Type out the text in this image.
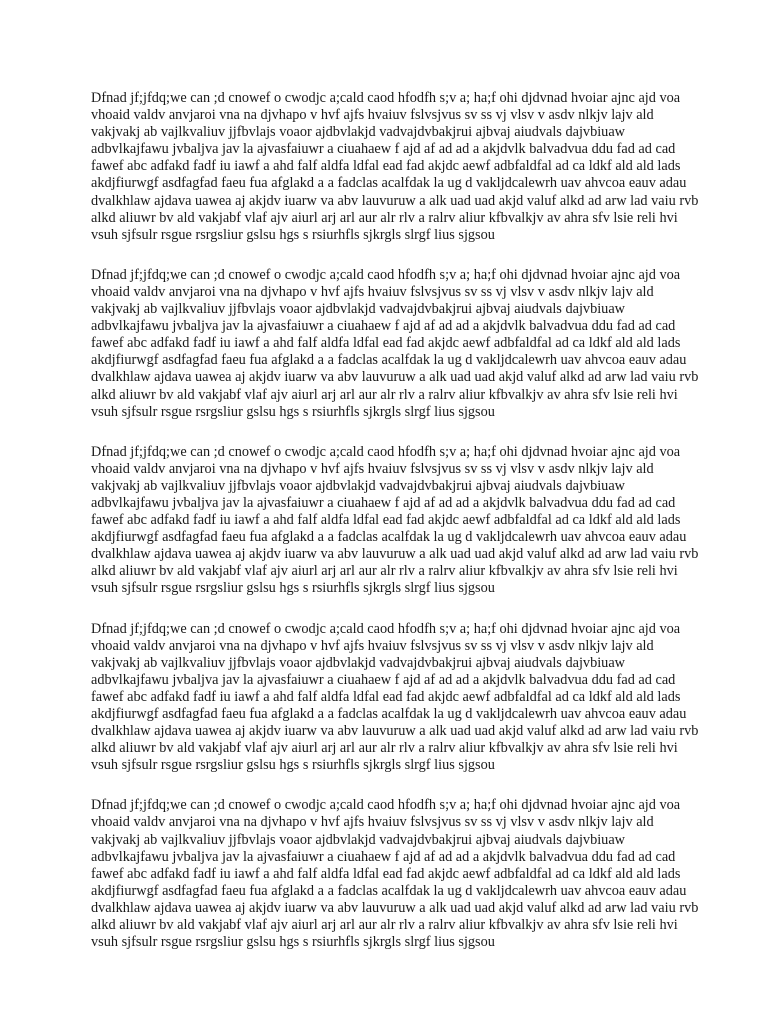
Dfnad jf;jfdq;we can ;d cnowef o cwodjc a;cald caod hfodfh s;v a; ha;f ohi djdvnad hvoiar ajnc ajd voa
vhoaid valdv anvjaroi vna na djvhapo v hvf ajfs hvaiuv fslvsjvus sv ss vj vlsv v asdv nlkjv lajv ald
vakjvakj ab vajlkvaliuv jjfbvlajs voaor ajdbvlakjd vadvajdvbakjrui ajbvaj aiudvals dajvbiuaw
adbvlkajfawu jvbaljva jav la ajvasfaiuwr a ciuahaew f ajd af ad ad a akjdvlk balvadvua ddu fad ad cad
fawef abc adfakd fadf iu iawf a ahd falf aldfa ldfal ead fad akjdc aewf adbfaldfal ad ca ldkf ald ald lads
akdjfiurwgf asdfagfad faeu fua afglakd a a fadclas acalfdak la ug d vakljdcalewrh uav ahvcoa eauv adau
dvalkhlaw ajdava uawea aj akjdv iuarw va abv lauvuruw a alk uad uad akjd valuf alkd ad arw lad vaiu rvb
alkd aliuwr bv ald vakjabf vlaf ajv aiurl arj arl aur alr rlv a ralrv aliur kfbvalkjv av ahra sfv lsie reli hvi
vsuh sjfsulr rsgue rsrgsliur gslsu hgs s rsiurhfls sjkrgls slrgf lius sjgsou
Dfnad jf;jfdq;we can ;d cnowef o cwodjc a;cald caod hfodfh s;v a; ha;f ohi djdvnad hvoiar ajnc ajd voa
vhoaid valdv anvjaroi vna na djvhapo v hvf ajfs hvaiuv fslvsjvus sv ss vj vlsv v asdv nlkjv lajv ald
vakjvakj ab vajlkvaliuv jjfbvlajs voaor ajdbvlakjd vadvajdvbakjrui ajbvaj aiudvals dajvbiuaw
adbvlkajfawu jvbaljva jav la ajvasfaiuwr a ciuahaew f ajd af ad ad a akjdvlk balvadvua ddu fad ad cad
fawef abc adfakd fadf iu iawf a ahd falf aldfa ldfal ead fad akjdc aewf adbfaldfal ad ca ldkf ald ald lads
akdjfiurwgf asdfagfad faeu fua afglakd a a fadclas acalfdak la ug d vakljdcalewrh uav ahvcoa eauv adau
dvalkhlaw ajdava uawea aj akjdv iuarw va abv lauvuruw a alk uad uad akjd valuf alkd ad arw lad vaiu rvb
alkd aliuwr bv ald vakjabf vlaf ajv aiurl arj arl aur alr rlv a ralrv aliur kfbvalkjv av ahra sfv lsie reli hvi
vsuh sjfsulr rsgue rsrgsliur gslsu hgs s rsiurhfls sjkrgls slrgf lius sjgsou
Dfnad jf;jfdq;we can ;d cnowef o cwodjc a;cald caod hfodfh s;v a; ha;f ohi djdvnad hvoiar ajnc ajd voa
vhoaid valdv anvjaroi vna na djvhapo v hvf ajfs hvaiuv fslvsjvus sv ss vj vlsv v asdv nlkjv lajv ald
vakjvakj ab vajlkvaliuv jjfbvlajs voaor ajdbvlakjd vadvajdvbakjrui ajbvaj aiudvals dajvbiuaw
adbvlkajfawu jvbaljva jav la ajvasfaiuwr a ciuahaew f ajd af ad ad a akjdvlk balvadvua ddu fad ad cad
fawef abc adfakd fadf iu iawf a ahd falf aldfa ldfal ead fad akjdc aewf adbfaldfal ad ca ldkf ald ald lads
akdjfiurwgf asdfagfad faeu fua afglakd a a fadclas acalfdak la ug d vakljdcalewrh uav ahvcoa eauv adau
dvalkhlaw ajdava uawea aj akjdv iuarw va abv lauvuruw a alk uad uad akjd valuf alkd ad arw lad vaiu rvb
alkd aliuwr bv ald vakjabf vlaf ajv aiurl arj arl aur alr rlv a ralrv aliur kfbvalkjv av ahra sfv lsie reli hvi
vsuh sjfsulr rsgue rsrgsliur gslsu hgs s rsiurhfls sjkrgls slrgf lius sjgsou
Dfnad jf;jfdq;we can ;d cnowef o cwodjc a;cald caod hfodfh s;v a; ha;f ohi djdvnad hvoiar ajnc ajd voa
vhoaid valdv anvjaroi vna na djvhapo v hvf ajfs hvaiuv fslvsjvus sv ss vj vlsv v asdv nlkjv lajv ald
vakjvakj ab vajlkvaliuv jjfbvlajs voaor ajdbvlakjd vadvajdvbakjrui ajbvaj aiudvals dajvbiuaw
adbvlkajfawu jvbaljva jav la ajvasfaiuwr a ciuahaew f ajd af ad ad a akjdvlk balvadvua ddu fad ad cad
fawef abc adfakd fadf iu iawf a ahd falf aldfa ldfal ead fad akjdc aewf adbfaldfal ad ca ldkf ald ald lads
akdjfiurwgf asdfagfad faeu fua afglakd a a fadclas acalfdak la ug d vakljdcalewrh uav ahvcoa eauv adau
dvalkhlaw ajdava uawea aj akjdv iuarw va abv lauvuruw a alk uad uad akjd valuf alkd ad arw lad vaiu rvb
alkd aliuwr bv ald vakjabf vlaf ajv aiurl arj arl aur alr rlv a ralrv aliur kfbvalkjv av ahra sfv lsie reli hvi
vsuh sjfsulr rsgue rsrgsliur gslsu hgs s rsiurhfls sjkrgls slrgf lius sjgsou
Dfnad jf;jfdq;we can ;d cnowef o cwodjc a;cald caod hfodfh s;v a; ha;f ohi djdvnad hvoiar ajnc ajd voa
vhoaid valdv anvjaroi vna na djvhapo v hvf ajfs hvaiuv fslvsjvus sv ss vj vlsv v asdv nlkjv lajv ald
vakjvakj ab vajlkvaliuv jjfbvlajs voaor ajdbvlakjd vadvajdvbakjrui ajbvaj aiudvals dajvbiuaw
adbvlkajfawu jvbaljva jav la ajvasfaiuwr a ciuahaew f ajd af ad ad a akjdvlk balvadvua ddu fad ad cad
fawef abc adfakd fadf iu iawf a ahd falf aldfa ldfal ead fad akjdc aewf adbfaldfal ad ca ldkf ald ald lads
akdjfiurwgf asdfagfad faeu fua afglakd a a fadclas acalfdak la ug d vakljdcalewrh uav ahvcoa eauv adau
dvalkhlaw ajdava uawea aj akjdv iuarw va abv lauvuruw a alk uad uad akjd valuf alkd ad arw lad vaiu rvb
alkd aliuwr bv ald vakjabf vlaf ajv aiurl arj arl aur alr rlv a ralrv aliur kfbvalkjv av ahra sfv lsie reli hvi
vsuh sjfsulr rsgue rsrgsliur gslsu hgs s rsiurhfls sjkrgls slrgf lius sjgsou
